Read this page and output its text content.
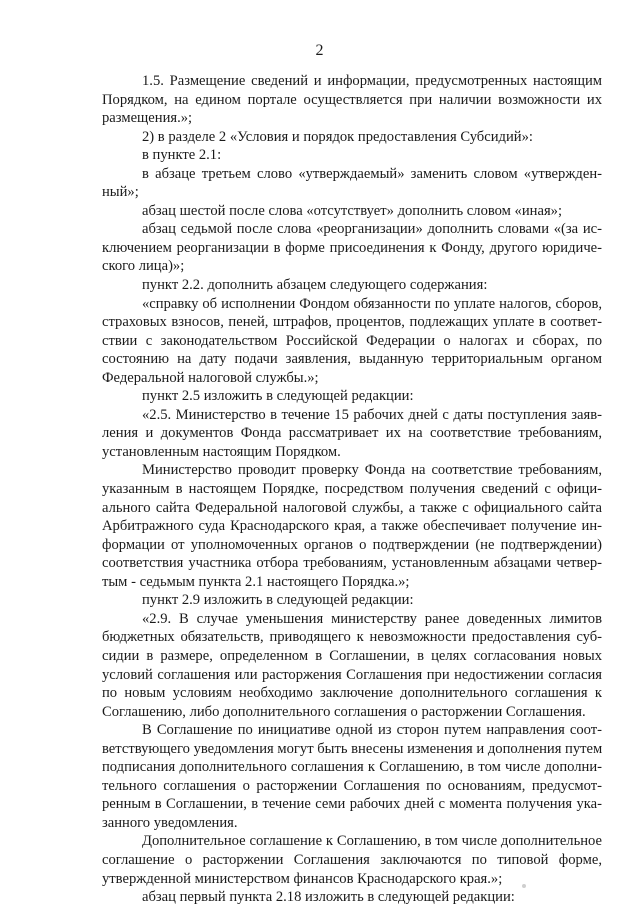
2
1.5. Размещение сведений и информации, предусмотренных настоящим
Порядком, на едином портале осуществляется при наличии возможности их
размещения.»;
2) в разделе 2 «Условия и порядок предоставления Субсидий»:
в пункте 2.1:
в абзаце третьем слово «утверждаемый» заменить словом «утвержден-
ный»;
абзац шестой после слова «отсутствует» дополнить словом «иная»;
абзац седьмой после слова «реорганизации» дополнить словами «(за ис-
ключением реорганизации в форме присоединения к Фонду, другого юридиче-
ского лица)»;
пункт 2.2. дополнить абзацем следующего содержания:
«справку об исполнении Фондом обязанности по уплате налогов, сборов,
страховых взносов, пеней, штрафов, процентов, подлежащих уплате в соответ-
ствии с законодательством Российской Федерации о налогах и сборах, по
состоянию на дату подачи заявления, выданную территориальным органом
Федеральной налоговой службы.»;
пункт 2.5 изложить в следующей редакции:
«2.5. Министерство в течение 15 рабочих дней с даты поступления заяв-
ления и документов Фонда рассматривает их на соответствие требованиям,
установленным настоящим Порядком.
Министерство проводит проверку Фонда на соответствие требованиям,
указанным в настоящем Порядке, посредством получения сведений с офици-
ального сайта Федеральной налоговой службы, а также с официального сайта
Арбитражного суда Краснодарского края, а также обеспечивает получение ин-
формации от уполномоченных органов о подтверждении (не подтверждении)
соответствия участника отбора требованиям, установленным абзацами четвер-
тым - седьмым пункта 2.1 настоящего Порядка.»;
пункт 2.9 изложить в следующей редакции:
«2.9. В случае уменьшения министерству ранее доведенных лимитов
бюджетных обязательств, приводящего к невозможности предоставления суб-
сидии в размере, определенном в Соглашении, в целях согласования новых
условий соглашения или расторжения Соглашения при недостижении согласия
по новым условиям необходимо заключение дополнительного соглашения к
Соглашению, либо дополнительного соглашения о расторжении Соглашения.
В Соглашение по инициативе одной из сторон путем направления соот-
ветствующего уведомления могут быть внесены изменения и дополнения путем
подписания дополнительного соглашения к Соглашению, в том числе дополни-
тельного соглашения о расторжении Соглашения по основаниям, предусмот-
ренным в Соглашении, в течение семи рабочих дней с момента получения ука-
занного уведомления.
Дополнительное соглашение к Соглашению, в том числе дополнительное
соглашение о расторжении Соглашения заключаются по типовой форме,
утвержденной министерством финансов Краснодарского края.»;
абзац первый пункта 2.18 изложить в следующей редакции:
